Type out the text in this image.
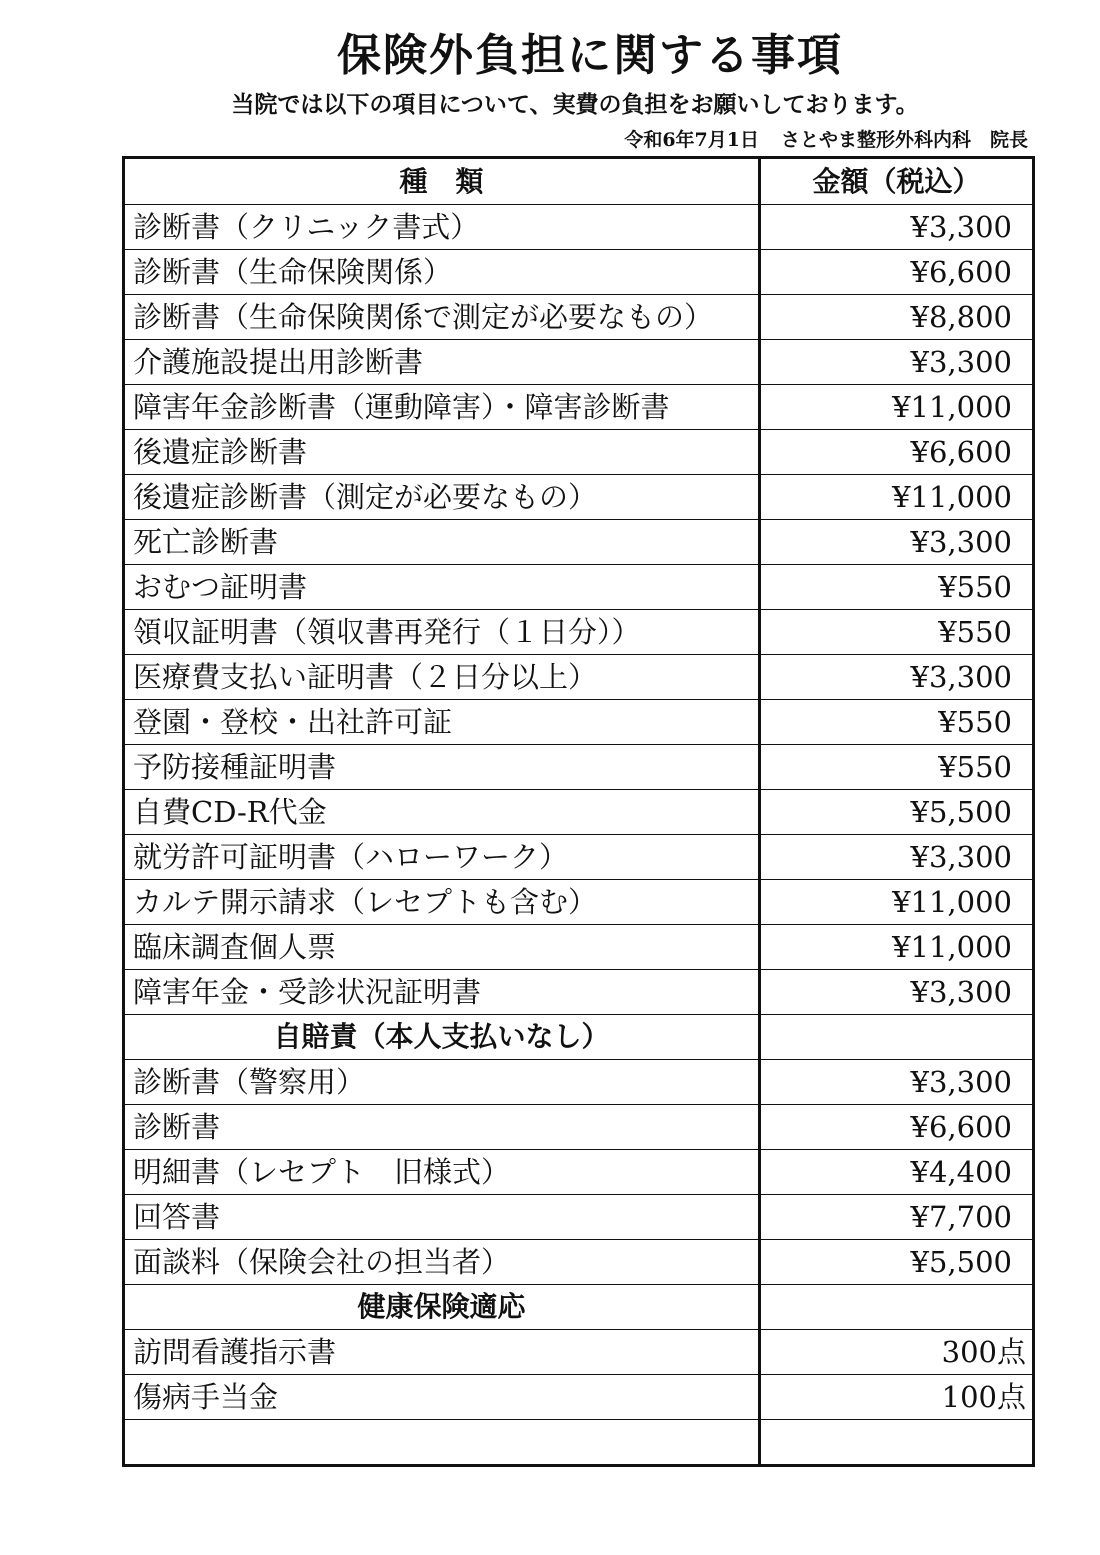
保険外負担に関する事項
当院では以下の項目について、実費の負担をお願いしております。
令和6年7月1日 さとやま整形外科内科　院長
種　類	金額（税込）
診断書（クリニック書式）	¥3,300
診断書（生命保険関係）	¥6,600
診断書（生命保険関係で測定が必要なもの）	¥8,800
介護施設提出用診断書	¥3,300
障害年金診断書（運動障害）・障害診断書	¥11,000
後遺症診断書	¥6,600
後遺症診断書（測定が必要なもの）	¥11,000
死亡診断書	¥3,300
おむつ証明書	¥550
領収証明書（領収書再発行（１日分））	¥550
医療費支払い証明書（２日分以上）	¥3,300
登園・登校・出社許可証	¥550
予防接種証明書	¥550
自費CD-R代金	¥5,500
就労許可証明書（ハローワーク）	¥3,300
カルテ開示請求（レセプトも含む）	¥11,000
臨床調査個人票	¥11,000
障害年金・受診状況証明書	¥3,300
自賠責（本人支払いなし）	
診断書（警察用）	¥3,300
診断書	¥6,600
明細書（レセプト　旧様式）	¥4,400
回答書	¥7,700
面談料（保険会社の担当者）	¥5,500
健康保険適応	
訪問看護指示書	300点
傷病手当金	100点
